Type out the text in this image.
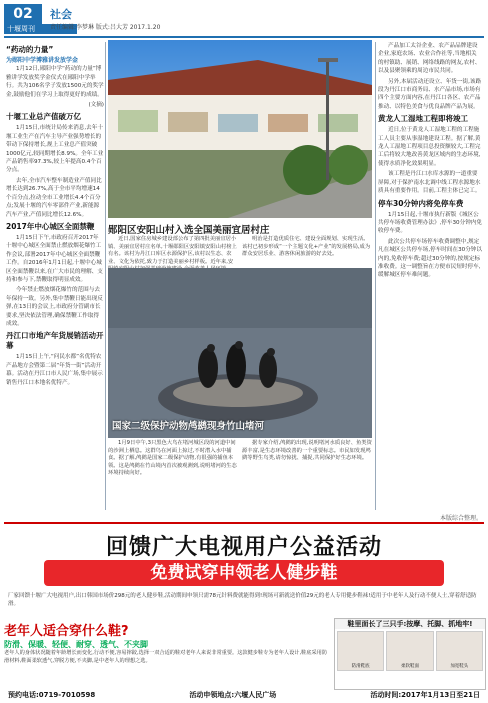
02
十堰周刊
社会
责任编辑:李梦琳 版式:吕大芳 2017.1.20
“药动的力量”
为郧阳中学博雅讲发放学金

1月12日,郧阳中学“药动的力量”博雅讲学发放奖学金仪式在郧阳中学举行。共为106名学子发放1500元的奖学金,鼓励他们在学习上取得更好的成绩。

(文摘)

十堰工业总产值破万亿

1月15日,市统计局传来消息,去年十堰工业生产在汽车主导产业强势增长的带动下保持增长,规上工业总产值突破1000亿元,较同期增长8.9%。全年工业产品销售率97.3%,较上年提高0.4个百分点。

去年,全市汽车整车制造业产值同比增长达到26.7%,高于全市平均增速14个百分点,拉动全市工业增长4.4个百分点;发展十堰的汽车零部件产业,新能源汽车产业,产值同比增长12.6%。

2017年中心城区全面禁鞭

1月15日下午,市政府召开2017年十堰中心城区全面禁止燃放烟花爆竹工作会议,部署2017年中心城区全面禁鞭工作。自2016年1月1日起,十堰中心城区全面禁鞭以来,在广大市民的理解、支持和参与下,禁鞭取得明显成效。

今年禁止燃放烟花爆竹的范围与去年保持一致。另外,集中禁鞭日能出现反弹,在13日的会议上,市政府分管副市长要求,坚决依法管理,确保禁鞭工作取得成效。

丹江口市地产年货展销活动开幕

1月15日上午,“问民水都”名优特农产品地方会暨第二届“年货一街”活动开幕。活动在丹江口市人民广场,集中展示销售丹江口本地名优特产。

郧阳区安阳山村入选全国美丽宜居村庄

近日,国家住房城乡建设部公布了第四批美丽宜居小镇、美丽宜居村庄名单,十堰郧阳区安阳镇安阳山村榜上有名。该村为丹江口库区水源保护区,该村以生态、农业、文化为依托,致力于打造美丽乡村样板。近年来,安

明治是打造优质住宅、建设全面规划、实现生活。该村已初步形成“一个主题文化+产业”的发展格局,成为群众安居乐业、游客休闲旅游的好去处。

国家二级保护动物鸬鹚现身竹山堵河

1月9日中午,3只黑色大鸟在堵河城区段的河道中间的沙洲上栖息。这群鸟在河面上掠过,不时潜入水中捕食。据了解,鸬鹚是国家二级保护动物,有很强的捕鱼本领。这是鸬鹚在竹山境内首次被观测到,说明堵河的生态环境持续向好。

据专家介绍,鸬鹚的出现,说明堵河水质良好、鱼类资源丰富,是生态环境改善的一个重要标志。市民如发现鸬鹚等野生鸟类,请勿惊扰、捕捉,共同保护好生态环境。

产品加工太谷企业、农产品品牌建设企业,家庭农场、农业合作社等,当地相关的村镇助、展销、网络线路的网友,农村、以及县聚领乘的周边市民共同。

另外,本届活动还设立、年货一街,该路段为丹江口市商务局、水产品市场,市场有四个主要方面内容,在丹江口各区、农产品推动、以特色美食与优良品牌产品为展。

黄龙人工湿地工程即将竣工

近日,位于黄龙人工湿地工程的工程施工人员主要从事湿地建设工程。据了解,黄龙人工湿地工程项目总投资额较大,工程完工后将较大地改善黄龙区域内的生态环境,使得水质净化效果明显。

该工程是丹江口水库水源的一道重要屏障,对于保护南水北调中线工程水源地水质具有重要作用。目前,工程主体已完工。

停车30分钟内将免停车费

1月15日起,十堰市执行新版《城区公共停车场收费管理办法》,停车30分钟内免收停车费。

此次公共停车场停车收费调整中,规定凡在城区公共停车场,停车时间在30分钟以内的,免收停车费;超过30分钟的,按规定标准收费。这一调整旨在方便市民短时停车,缓解城区停车难问题。

本版综合整理。
回馈广大电视用户公益活动
免费试穿申领老人健步鞋
厂家回馈十堰广大电视用户,出口韩国市场价298元的老人健步鞋,活动期间申领只需78元针料费就能得到!现场可新就送价值29元的老人专用健步鞋袜!适用于中老年人及行动不便人士,穿着舒适防滑。
老年人适合穿什么鞋?
防滑、保暖、轻便、耐穿、透气、不夹脚
老年人的身体状况随着年龄增长而变化,行动不便,容易摔跤,选择一双合适的鞋对老年人来说非常重要。这款健步鞋专为老年人设计,鞋底采用防滑材料,鞋面柔软透气,穿脱方便,不夹脚,是中老年人的理想之选。
鞋里面长了三只手:按摩、托脚、抓地牢!
防滑鞋底	柔软鞋面	加宽鞋头
预约电话:0719-7010598	活动申领地点:六堰人民广场	活动时间:2017年1月13日至21日
